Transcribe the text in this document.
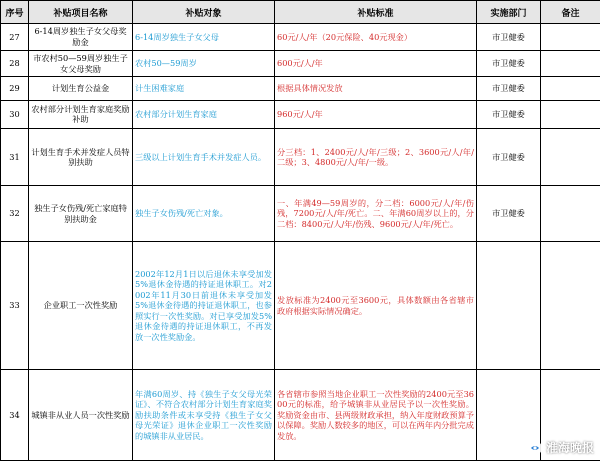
序号	补贴项目名称	补贴对象	补贴标准	实施部门	备注
27	6-14周岁独生子女父母奖励金	6-14周岁独生子女父母	60元/人/年（20元保险、40元现金）	市卫健委	
28	市农村50—59周岁独生子女父母奖励	农村50—59周岁	600元/人/年	市卫健委	
29	计划生育公益金	计生困难家庭	根据具体情况发放	市卫健委	
30	农村部分计划生育家庭奖励补助	农村部分计划生育家庭	960元/人/年	市卫健委	
31	计划生育手术并发症人员特别扶助	三级以上计划生育手术并发症人员。	分三档：1、2400元/人/年/三级；2、3600元/人/年/二级；3、4800元/人/年/一级。	市卫健委	
32	独生子女伤残/死亡家庭特别扶助金	独生子女伤残/死亡对象。	一、年满49—59周岁的，分二档：6000元/人/年/伤残，7200元/人/年/死亡。二、年满60周岁以上的，分二档：8400元/人/年/伤残、9600元/人/年/死亡。	市卫健委	
33	企业职工一次性奖励	2002年12月1日以后退休未享受加发5%退休金待遇的持证退休职工。对2002年11月30日前退休未享受加发5%退休金待遇的持证退休职工，也参照实行一次性奖励。对已享受加发5%退休金待遇的持证退休职工，不再发放一次性奖励金。	发放标准为2400元至3600元，具体数额由各省辖市政府根据实际情况确定。		
34	城镇非从业人员一次性奖励	年满60周岁、持《独生子女父母光荣证》、不符合农村部分计划生育家庭奖励扶助条件或未享受持《独生子女父母光荣证》退休企业职工一次性奖励的城镇非从业居民。	各省辖市参照当地企业职工一次性奖励的2400元至3600元的标准，给予城镇非从业居民予以一次性奖励。奖励资金由市、县两级财政承担，纳入年度财政预算予以保障。奖励人数较多的地区，可以在两年内分批完成发放。		
淮海晚报
